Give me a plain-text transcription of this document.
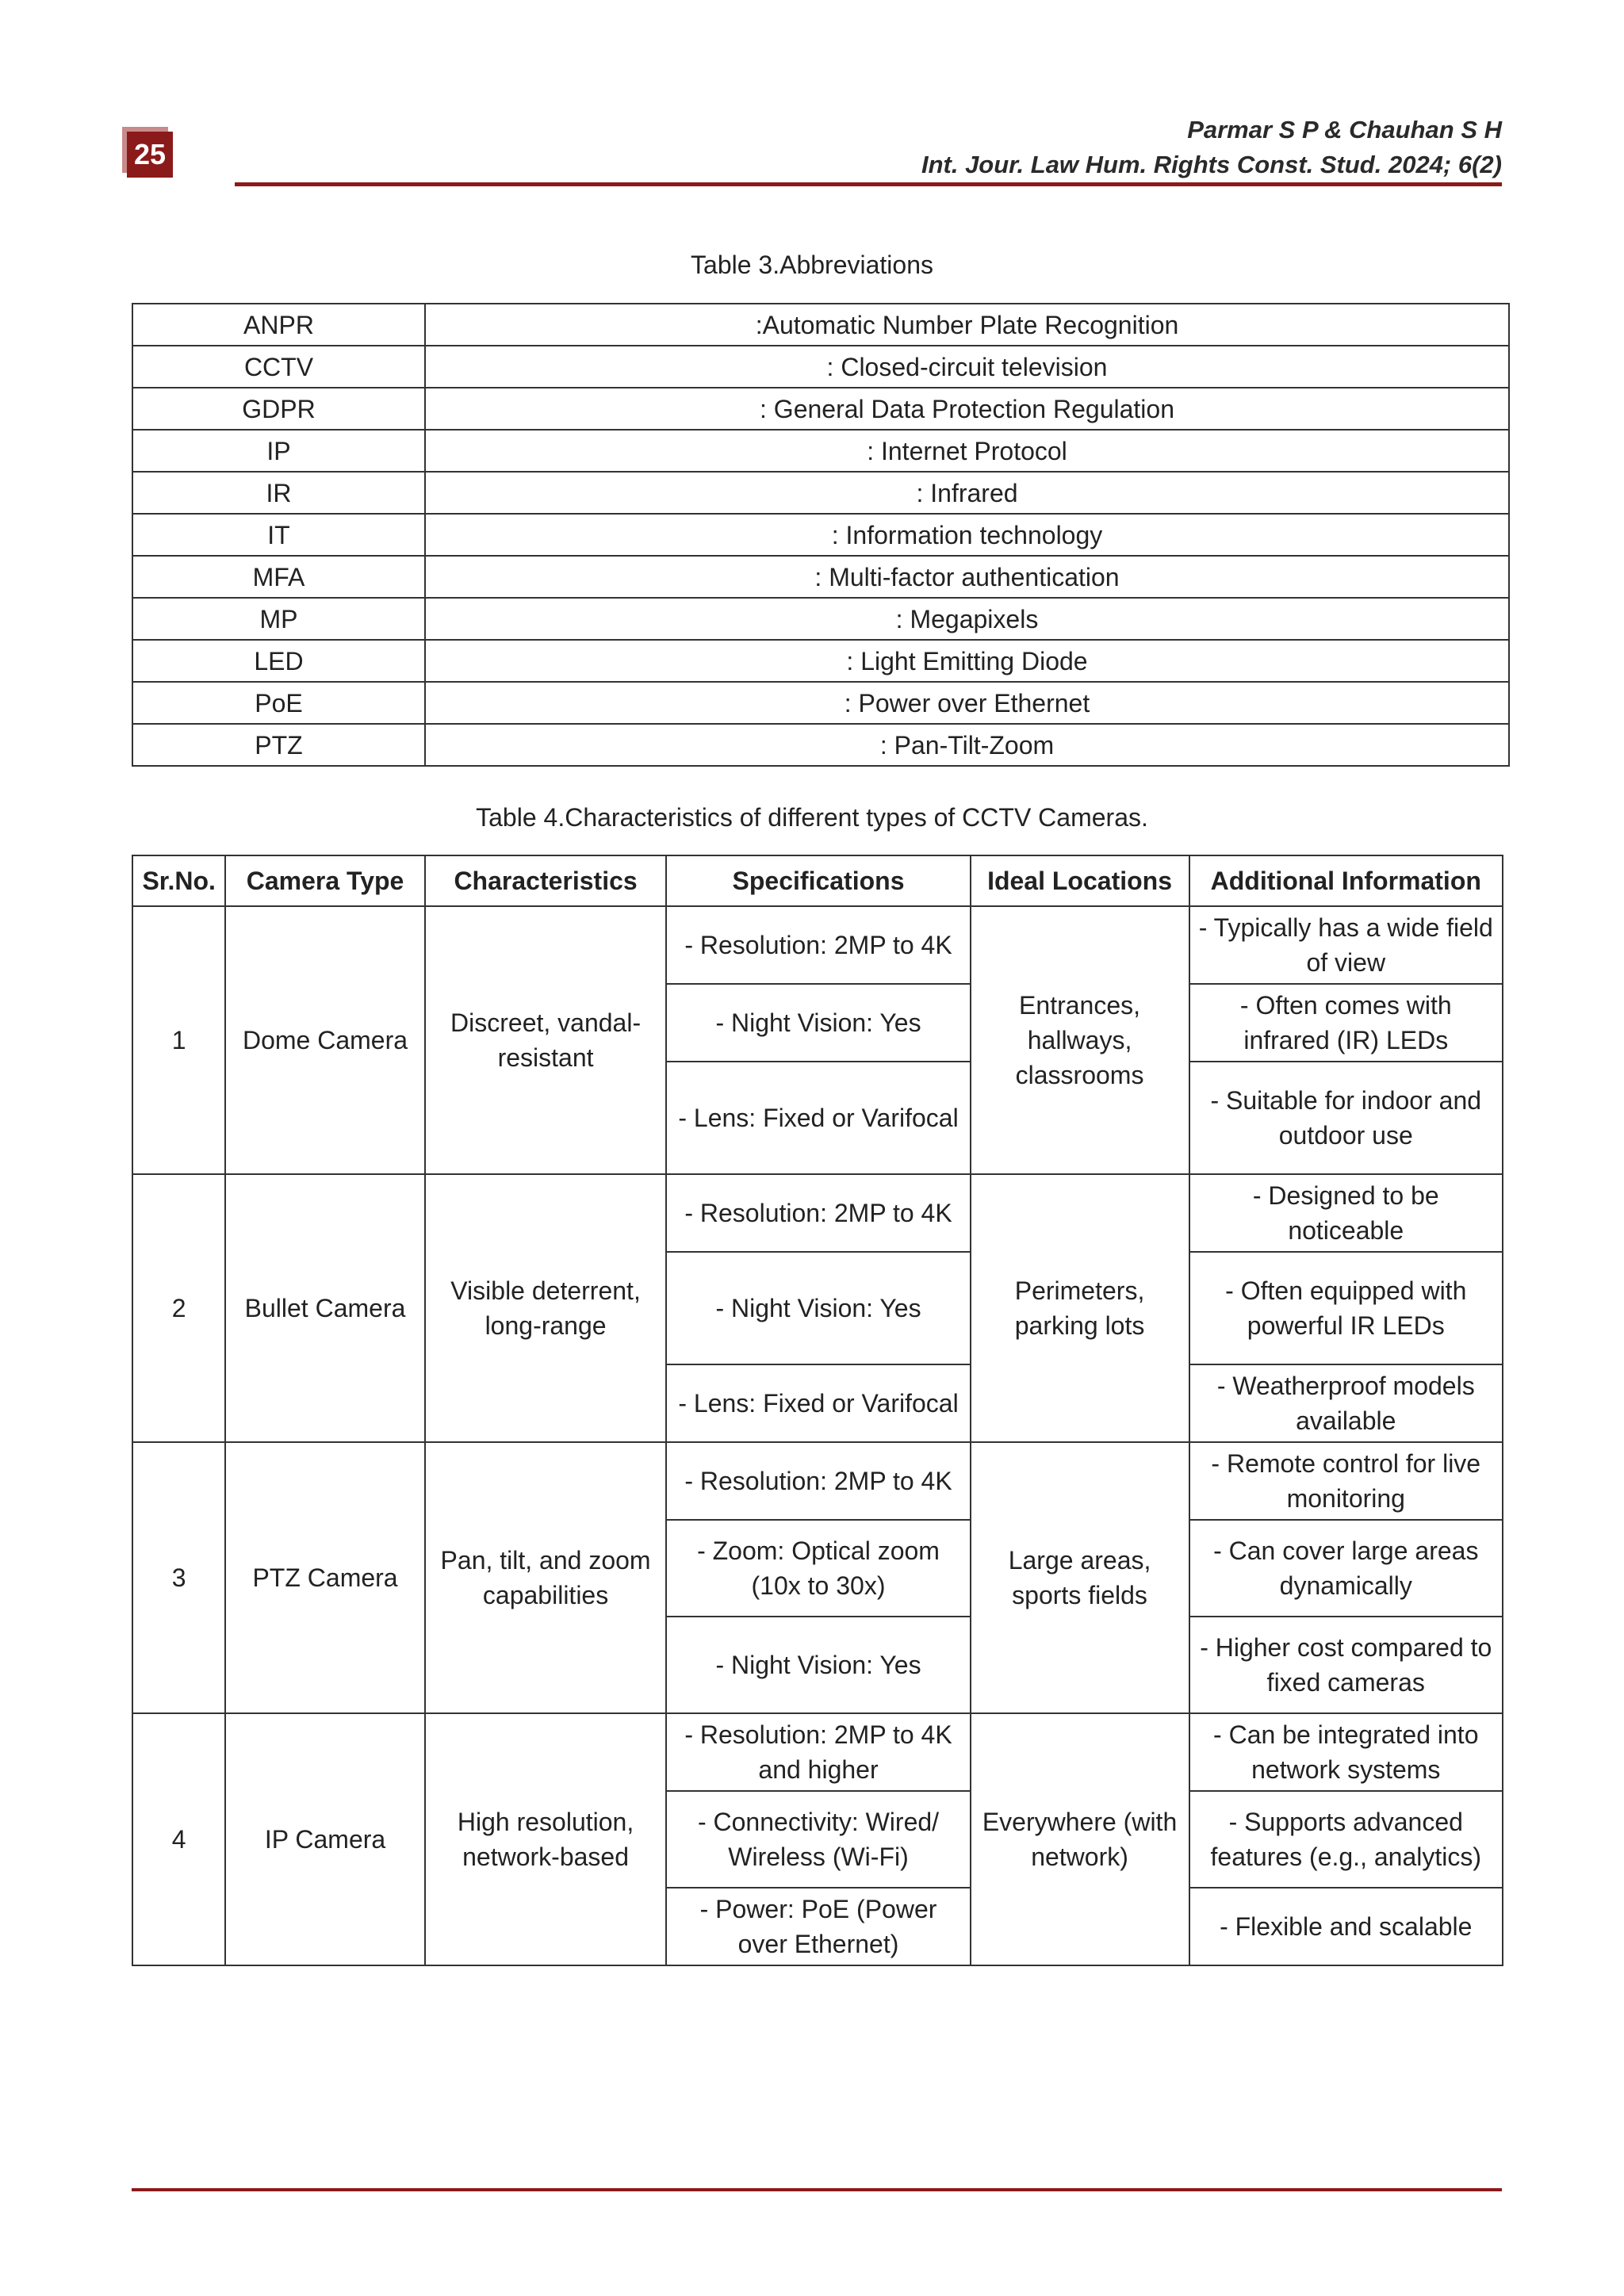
25
Parmar S P & Chauhan S H
Int. Jour. Law Hum. Rights Const. Stud. 2024; 6(2)
Table 3.Abbreviations
ANPR	:Automatic Number Plate Recognition
CCTV	: Closed-circuit television
GDPR	: General Data Protection Regulation
IP	: Internet Protocol
IR	: Infrared
IT	: Information technology
MFA	: Multi-factor authentication
MP	: Megapixels
LED	: Light Emitting Diode
PoE	: Power over Ethernet
PTZ	: Pan-Tilt-Zoom
Table 4.Characteristics of different types of CCTV Cameras.
Sr.No.	Camera Type	Characteristics	Specifications	Ideal Locations	Additional Information
1	Dome Camera	Discreet, vandal-resistant	- Resolution: 2MP to 4K	Entrances, hallways, classrooms	- Typically has a wide field of view
			- Night Vision: Yes		- Often comes with infrared (IR) LEDs
			- Lens: Fixed or Varifocal		- Suitable for indoor and outdoor use
2	Bullet Camera	Visible deterrent, long-range	- Resolution: 2MP to 4K	Perimeters, parking lots	- Designed to be noticeable
			- Night Vision: Yes		- Often equipped with powerful IR LEDs
			- Lens: Fixed or Varifocal		- Weatherproof models available
3	PTZ Camera	Pan, tilt, and zoom capabilities	- Resolution: 2MP to 4K	Large areas, sports fields	- Remote control for live monitoring
			- Zoom: Optical zoom (10x to 30x)		- Can cover large areas dynamically
			- Night Vision: Yes		- Higher cost compared to fixed cameras
4	IP Camera	High resolution, network-based	- Resolution: 2MP to 4K and higher	Everywhere (with network)	- Can be integrated into network systems
			- Connectivity: Wired/ Wireless (Wi-Fi)		- Supports advanced features (e.g., analytics)
			- Power: PoE (Power over Ethernet)		- Flexible and scalable
